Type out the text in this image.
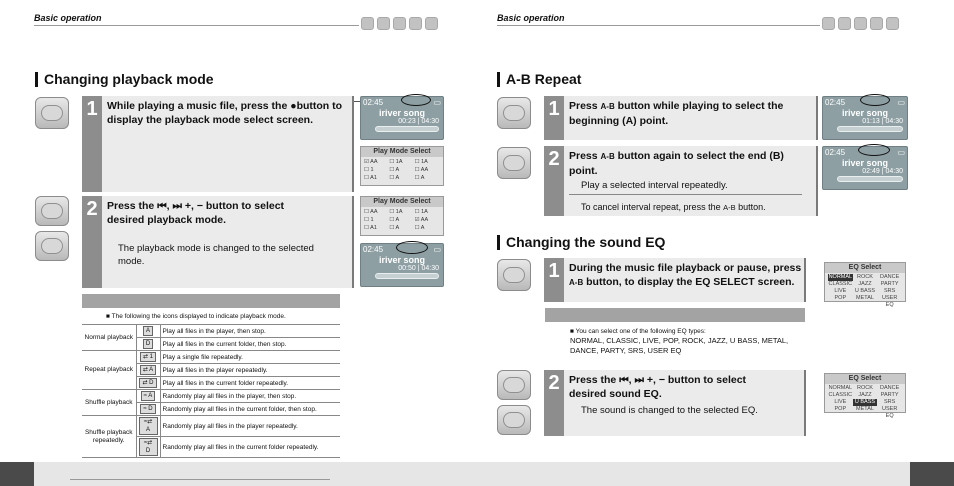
Basic operation	Basic operation
Changing playback mode
1 While playing a music file, press the ●button to
display the playback mode select screen.
02:45	▭
iriver song
00:23 | 04:30
Play Mode Select
☑ AA	☐ 1A	☐ 1A
☐ 1	☐ A	☐ AA
☐ A1	☐ A	☐ A
2 Press the ⏮, ⏭ +, − button to select
desired playback mode.
The playback mode is changed to the selected mode.
Play Mode Select
☐ AA	☐ 1A	☐ 1A
☐ 1	☐ A	☑ AA
☐ A1	☐ A	☐ A
02:45	▭
iriver song
00:50 | 04:30
■ The following the icons displayed to indicate playback mode.
Normal playback	A	Play all files in the player, then stop.
	D	Play all files in the current folder, then stop.
Repeat playback	⇄ 1	Play a single file repeatedly.
	⇄ A	Play all files in the player repeatedly.
	⇄ D	Play all files in the current folder repeatedly.
Shuffle playback	≈ A	Randomly play all files in the player, then stop.
	≈ D	Randomly play all files in the current folder, then stop.
Shuffle playback repeatedly.	≈⇄ A	Randomly play all files in the player repeatedly.
	≈⇄ D	Randomly play all files in the current folder repeatedly.
A-B Repeat
1 Press A-B button while playing to select the
beginning (A) point.
02:45	▭
iriver song
01:13 | 04:30
2 Press A-B button again to select the end (B)
point.
Play a selected interval repeatedly.
To cancel interval repeat, press the A-B button.
02:45	▭
iriver song
02:49 | 04:30
Changing the sound EQ
1 During the music file playback or pause, press
A-B button, to display the EQ SELECT screen.
EQ Select
NORMAL ROCK	DANCE
CLASSIC	JAZZ	PARTY
LIVE	U BASS	SRS
POP	METAL	USER EQ
■ You can select one of the following EQ types:
NORMAL, CLASSIC, LIVE, POP, ROCK, JAZZ, U BASS, METAL,
DANCE, PARTY, SRS, USER EQ
2 Press the ⏮, ⏭ +, − button to select
desired sound EQ.
The sound is changed to the selected EQ.
EQ Select
NORMAL ROCK	DANCE
CLASSIC	JAZZ	PARTY
LIVE	U BASS	SRS
POP	METAL	USER EQ
